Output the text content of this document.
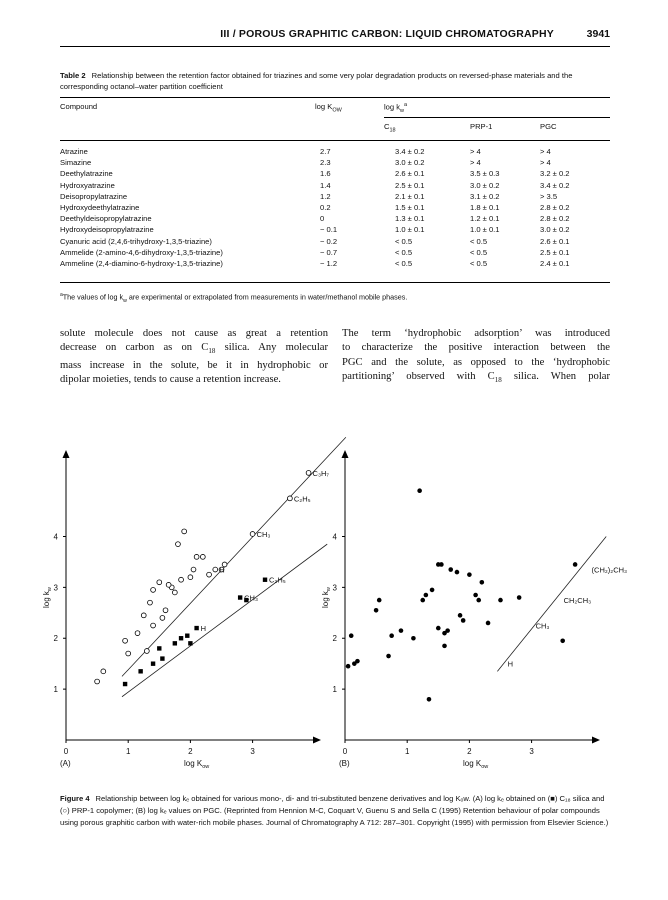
III / POROUS GRAPHITIC CARBON: LIQUID CHROMATOGRAPHY	3941
Table 2 Relationship between the retention factor obtained for triazines and some very polar degradation products on reversed-phase materials and the corresponding octanol–water partition coefficient
Compound	$\log K_{OW}$	$\log k_w^a$
$C_{18}$	PRP-1	PGC
Atrazine	2.7	3.4 ± 0.2	> 4	> 4
Simazine	2.3	3.0 ± 0.2	> 4	> 4
Deethylatrazine	1.6	2.6 ± 0.1	3.5 ± 0.3	3.2 ± 0.2
Hydroxyatrazine	1.4	2.5 ± 0.1	3.0 ± 0.2	3.4 ± 0.2
Deisopropylatrazine	1.2	2.1 ± 0.1	3.1 ± 0.2	> 3.5
Hydroxydeethylatrazine	0.2	1.5 ± 0.1	1.8 ± 0.1	2.8 ± 0.2
Deethyldeisopropylatrazine	0	1.3 ± 0.1	1.2 ± 0.1	2.8 ± 0.2
Hydroxydeisopropylatrazine	− 0.1	1.0 ± 0.1	1.0 ± 0.1	3.0 ± 0.2
Cyanuric acid (2,4,6-trihydroxy-1,3,5-triazine)	− 0.2	< 0.5	< 0.5	2.6 ± 0.1
Ammelide (2-amino-4,6-dihydroxy-1,3,5-triazine)	− 0.7	< 0.5	< 0.5	2.5 ± 0.1
Ammeline (2,4-diamino-6-hydroxy-1,3,5-triazine)	− 1.2	< 0.5	< 0.5	2.4 ± 0.1
$^a$The values of $\log k_w$ are experimental or extrapolated from measurements in water/methanol mobile phases.
solute molecule does not cause as great a retention
decrease on carbon as on $C_{18}$ silica. Any molecular
mass increase in the solute, be it in hydrophobic or
dipolar moieties, tends to cause a retention increase.
The term ‘hydrophobic adsorption’ was introduced
to characterize the positive interaction between the
PGC and the solute, as opposed to the ‘hydrophobic
partitioning’ observed with $C_{18}$ silica. When polar
0	1	2	3
1
2
3
4
$\log K_{ow}$
$\log k_w$
(A)
H
CH₃
C₂H₅
C₃H₇
H
CH₃
C₂H₅
0	1	2	3
1
2
3
4
$\log K_{ow}$
$\log k_w$
(B)
H
CH₃
CH₂CH₃
(CH₂)₂CH₃
Figure 4 Relationship between log kₑ obtained for various mono-, di- and tri-substituted benzene derivatives and log Kₒw. (A) log kₑ obtained on (■) C₁₈ silica and (○) PRP-1 copolymer; (B) log kₑ values on PGC. (Reprinted from Hennion M-C, Coquart V, Guenu S and Sella C (1995) Retention behaviour of polar compounds using porous graphitic carbon with water-rich mobile phases. Journal of Chromatography A 712: 287–301. Copyright (1995) with permission from Elsevier Science.)
